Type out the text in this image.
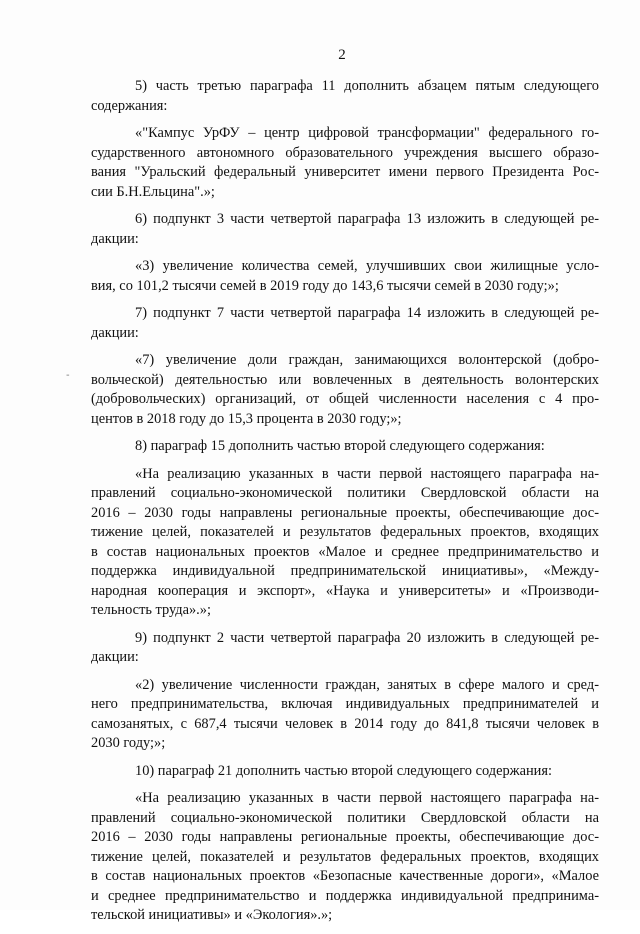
2
-
5) часть третью параграфа 11 дополнить абзацем пятым следующего
содержания:
«"Кампус УрФУ – центр цифровой трансформации" федерального го-
сударственного автономного образовательного учреждения высшего образо-
вания "Уральский федеральный университет имени первого Президента Рос-
сии Б.Н.Ельцина".»;
6) подпункт 3 части четвертой параграфа 13 изложить в следующей ре-
дакции:
«3) увеличение количества семей, улучшивших свои жилищные усло-
вия, со 101,2 тысячи семей в 2019 году до 143,6 тысячи семей в 2030 году;»;
7) подпункт 7 части четвертой параграфа 14 изложить в следующей ре-
дакции:
«7) увеличение доли граждан, занимающихся волонтерской (добро-
вольческой) деятельностью или вовлеченных в деятельность волонтерских
(добровольческих) организаций, от общей численности населения с 4 про-
центов в 2018 году до 15,3 процента в 2030 году;»;
8) параграф 15 дополнить частью второй следующего содержания:
«На реализацию указанных в части первой настоящего параграфа на-
правлений социально-экономической политики Свердловской области на
2016 – 2030 годы направлены региональные проекты, обеспечивающие дос-
тижение целей, показателей и результатов федеральных проектов, входящих
в состав национальных проектов «Малое и среднее предпринимательство и
поддержка индивидуальной предпринимательской инициативы», «Между-
народная кооперация и экспорт», «Наука и университеты» и «Производи-
тельность труда».»;
9) подпункт 2 части четвертой параграфа 20 изложить в следующей ре-
дакции:
«2) увеличение численности граждан, занятых в сфере малого и сред-
него предпринимательства, включая индивидуальных предпринимателей и
самозанятых, с 687,4 тысячи человек в 2014 году до 841,8 тысячи человек в
2030 году;»;
10) параграф 21 дополнить частью второй следующего содержания:
«На реализацию указанных в части первой настоящего параграфа на-
правлений социально-экономической политики Свердловской области на
2016 – 2030 годы направлены региональные проекты, обеспечивающие дос-
тижение целей, показателей и результатов федеральных проектов, входящих
в состав национальных проектов «Безопасные качественные дороги», «Малое
и среднее предпринимательство и поддержка индивидуальной предпринима-
тельской инициативы» и «Экология».»;
